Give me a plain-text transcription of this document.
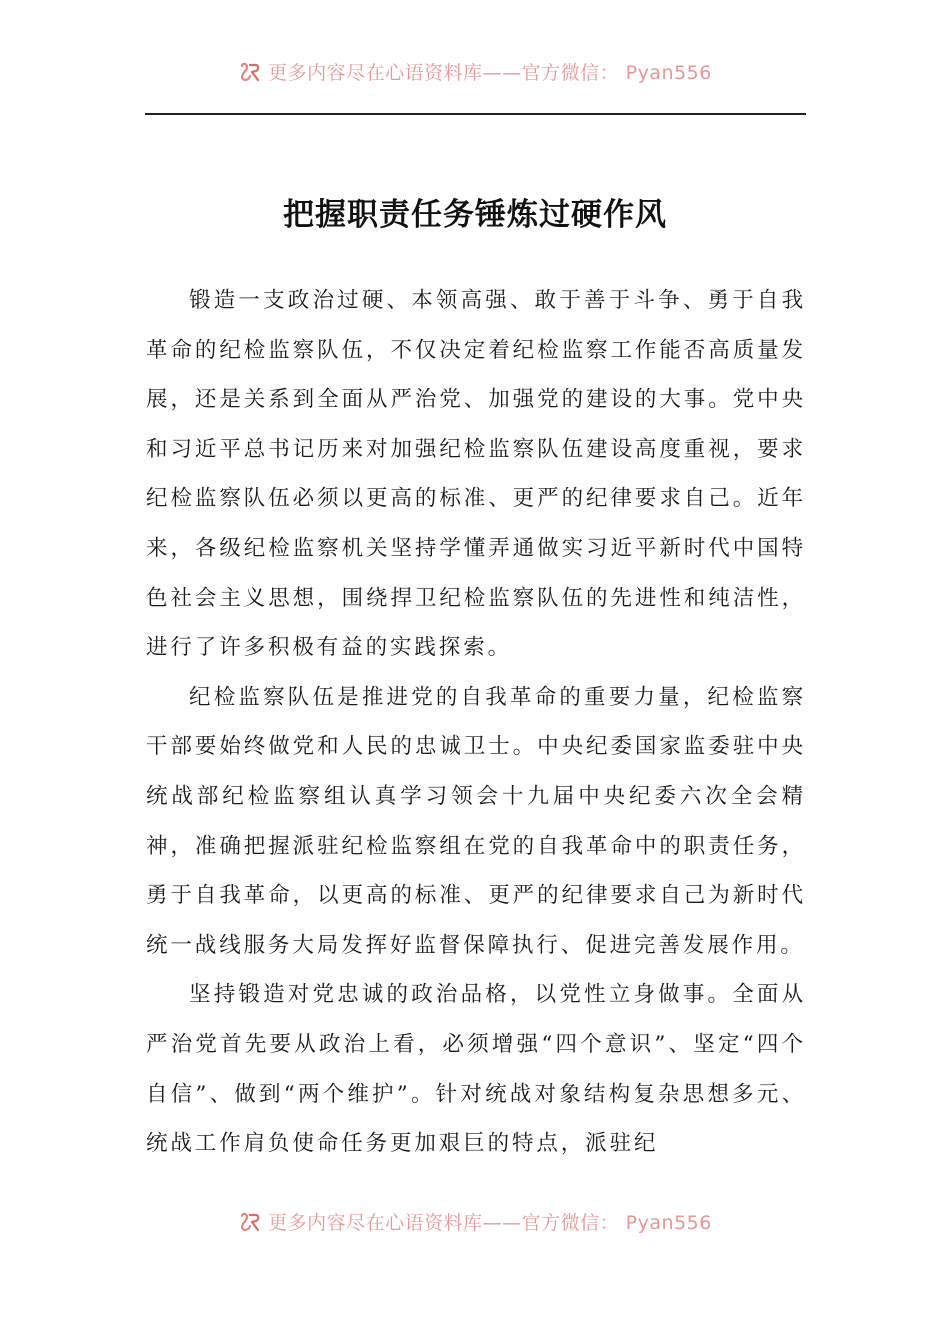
更多内容尽在心语资料库——官方微信： Pyan556
把握职责任务锤炼过硬作风

锻造一支政治过硬、本领高强、敢于善于斗争、勇于自我革命的纪检监察队伍，不仅决定着纪检监察工作能否高质量发展，还是关系到全面从严治党、加强党的建设的大事。党中央和习近平总书记历来对加强纪检监察队伍建设高度重视，要求纪检监察队伍必须以更高的标准、更严的纪律要求自己。近年来，各级纪检监察机关坚持学懂弄通做实习近平新时代中国特色社会主义思想，围绕捍卫纪检监察队伍的先进性和纯洁性，进行了许多积极有益的实践探索。

纪检监察队伍是推进党的自我革命的重要力量，纪检监察干部要始终做党和人民的忠诚卫士。中央纪委国家监委驻中央统战部纪检监察组认真学习领会十九届中央纪委六次全会精神，准确把握派驻纪检监察组在党的自我革命中的职责任务，勇于自我革命，以更高的标准、更严的纪律要求自己为新时代统一战线服务大局发挥好监督保障执行、促进完善发展作用。

坚持锻造对党忠诚的政治品格，以党性立身做事。全面从严治党首先要从政治上看，必须增强“四个意识”、坚定“四个自信”、做到“两个维护”。针对统战对象结构复杂思想多元、统战工作肩负使命任务更加艰巨的特点，派驻纪

更多内容尽在心语资料库——官方微信： Pyan556
